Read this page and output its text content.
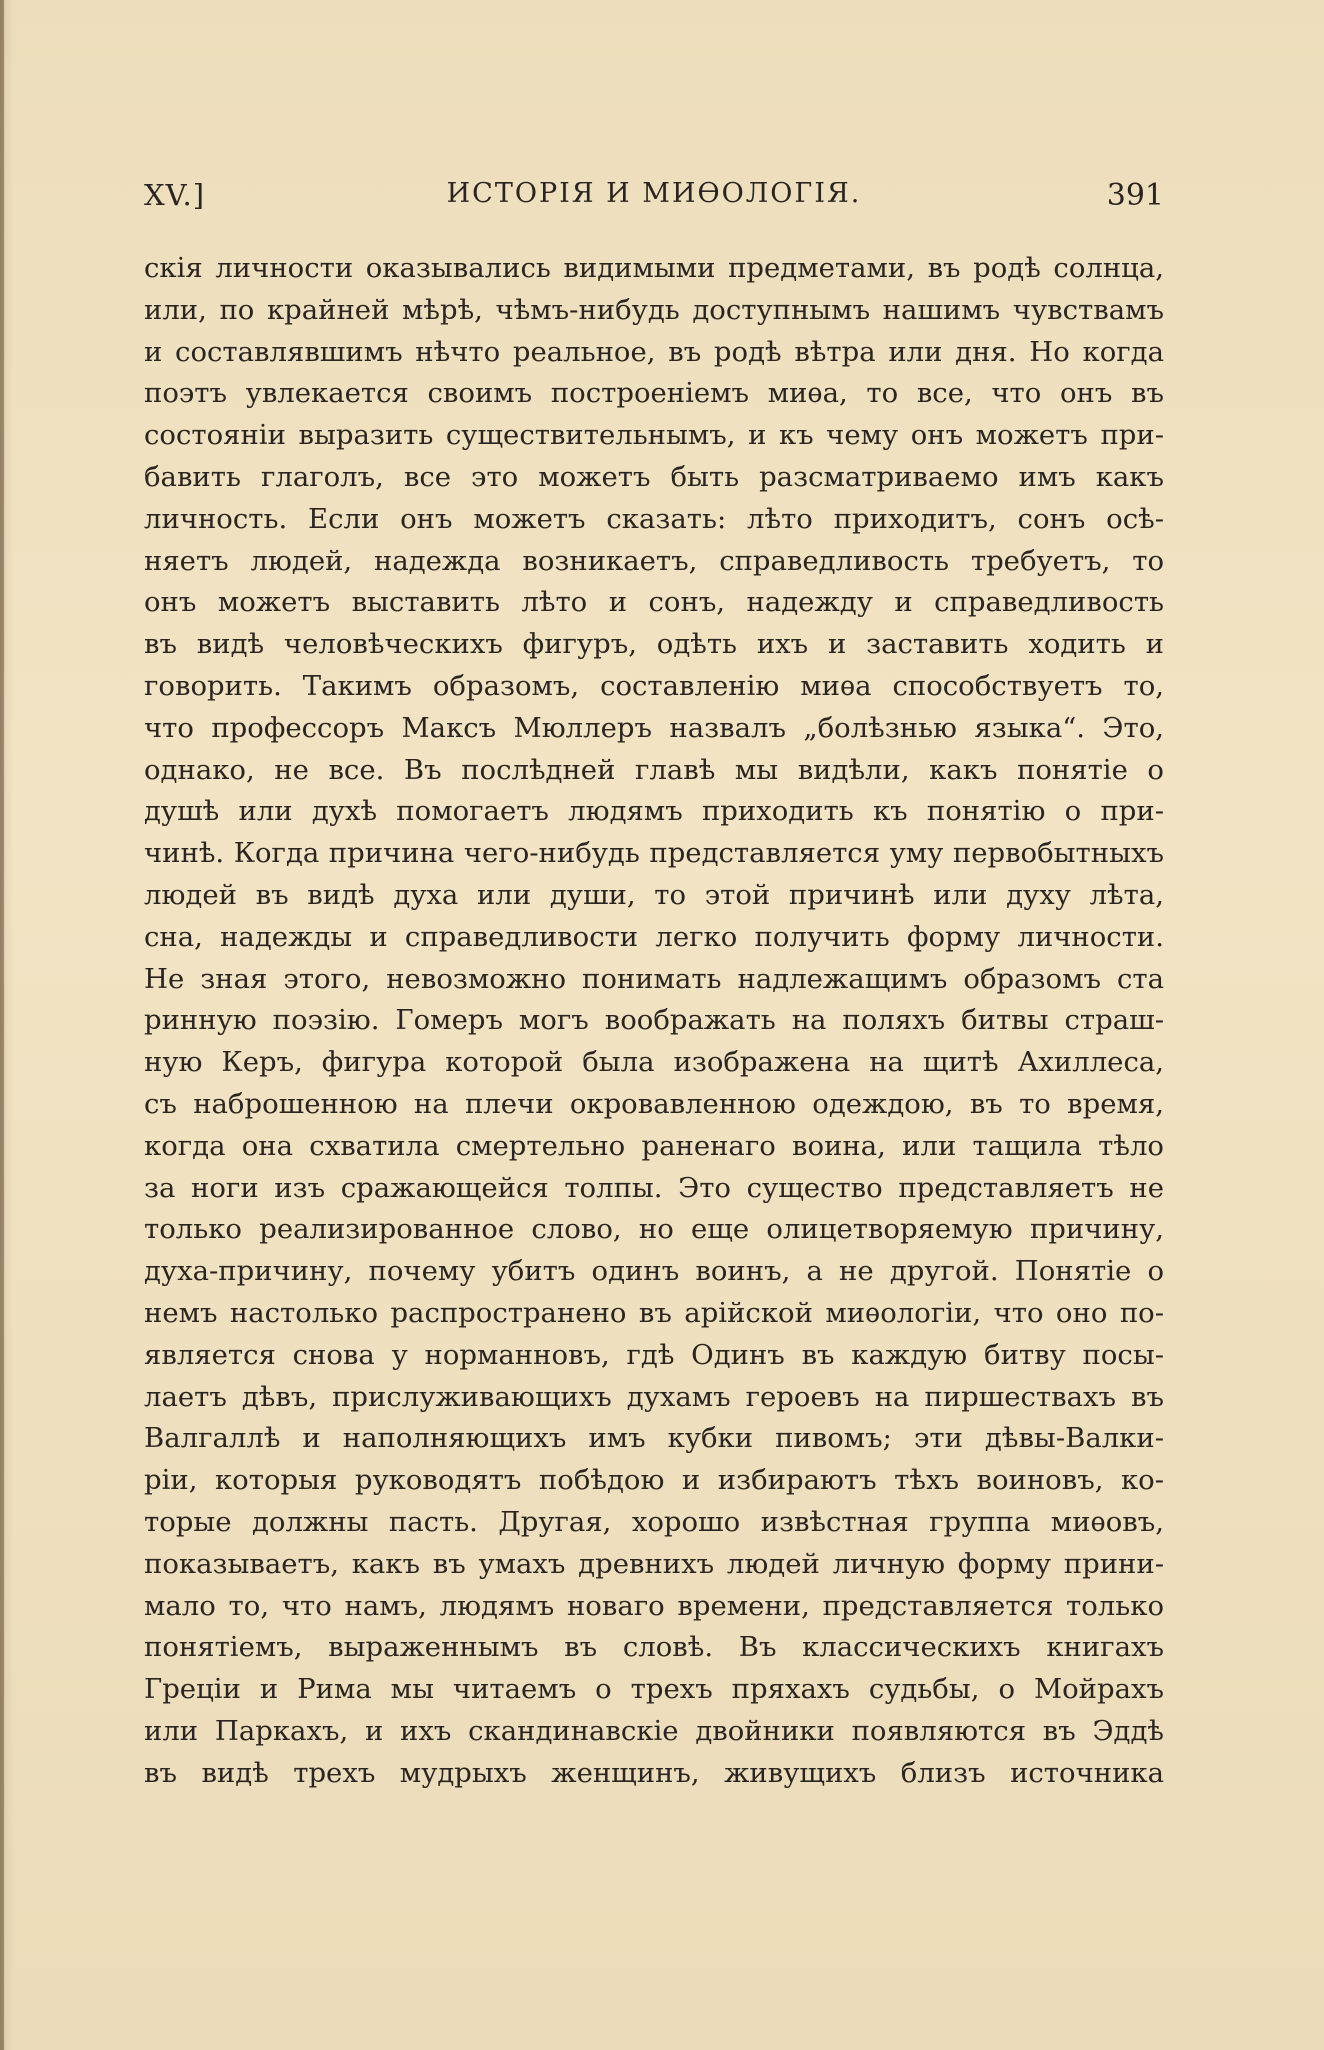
XV.]	ИСТОРІЯ И МИѲОЛОГІЯ.	391
скія личности оказывались видимыми предметами, въ родѣ солнца,
или, по крайней мѣрѣ, чѣмъ-нибудь доступнымъ нашимъ чувствамъ
и составлявшимъ нѣчто реальное, въ родѣ вѣтра или дня. Но когда
поэтъ увлекается своимъ построеніемъ миѳа, то все, что онъ въ
состояніи выразить существительнымъ, и къ чему онъ можетъ при-
бавить глаголъ, все это можетъ быть разсматриваемо имъ какъ
личность. Если онъ можетъ сказать: лѣто приходитъ, сонъ осѣ-
няетъ людей, надежда возникаетъ, справедливость требуетъ, то
онъ можетъ выставить лѣто и сонъ, надежду и справедливость
въ видѣ человѣческихъ фигуръ, одѣть ихъ и заставить ходить и
говорить. Такимъ образомъ, составленію миѳа способствуетъ то,
что профессоръ Максъ Мюллеръ назвалъ „болѣзнью языка“. Это,
однако, не все. Въ послѣдней главѣ мы видѣли, какъ понятіе о
душѣ или духѣ помогаетъ людямъ приходить къ понятію о при-
чинѣ. Когда причина чего-нибудь представляется уму первобытныхъ
людей въ видѣ духа или души, то этой причинѣ или духу лѣта,
сна, надежды и справедливости легко получить форму личности.
Не зная этого, невозможно понимать надлежащимъ образомъ ста
ринную поэзію. Гомеръ могъ воображать на поляхъ битвы страш-
ную Керъ, фигура которой была изображена на щитѣ Ахиллеса,
съ наброшенною на плечи окровавленною одеждою, въ то время,
когда она схватила смертельно раненаго воина, или тащила тѣло
за ноги изъ сражающейся толпы. Это существо представляетъ не
только реализированное слово, но еще олицетворяемую причину,
духа-причину, почему убитъ одинъ воинъ, а не другой. Понятіе о
немъ настолько распространено въ арійской миѳологіи, что оно по-
является снова у норманновъ, гдѣ Одинъ въ каждую битву посы-
лаетъ дѣвъ, прислуживающихъ духамъ героевъ на пиршествахъ въ
Валгаллѣ и наполняющихъ имъ кубки пивомъ; эти дѣвы-Валки-
ріи, которыя руководятъ побѣдою и избираютъ тѣхъ воиновъ, ко-
торые должны пасть. Другая, хорошо извѣстная группа миѳовъ,
показываетъ, какъ въ умахъ древнихъ людей личную форму прини-
мало то, что намъ, людямъ новаго времени, представляется только
понятіемъ, выраженнымъ въ словѣ. Въ классическихъ книгахъ
Греціи и Рима мы читаемъ о трехъ пряхахъ судьбы, о Мойрахъ
или Паркахъ, и ихъ скандинавскіе двойники появляются въ Эддѣ
въ видѣ трехъ мудрыхъ женщинъ, живущихъ близъ источника
